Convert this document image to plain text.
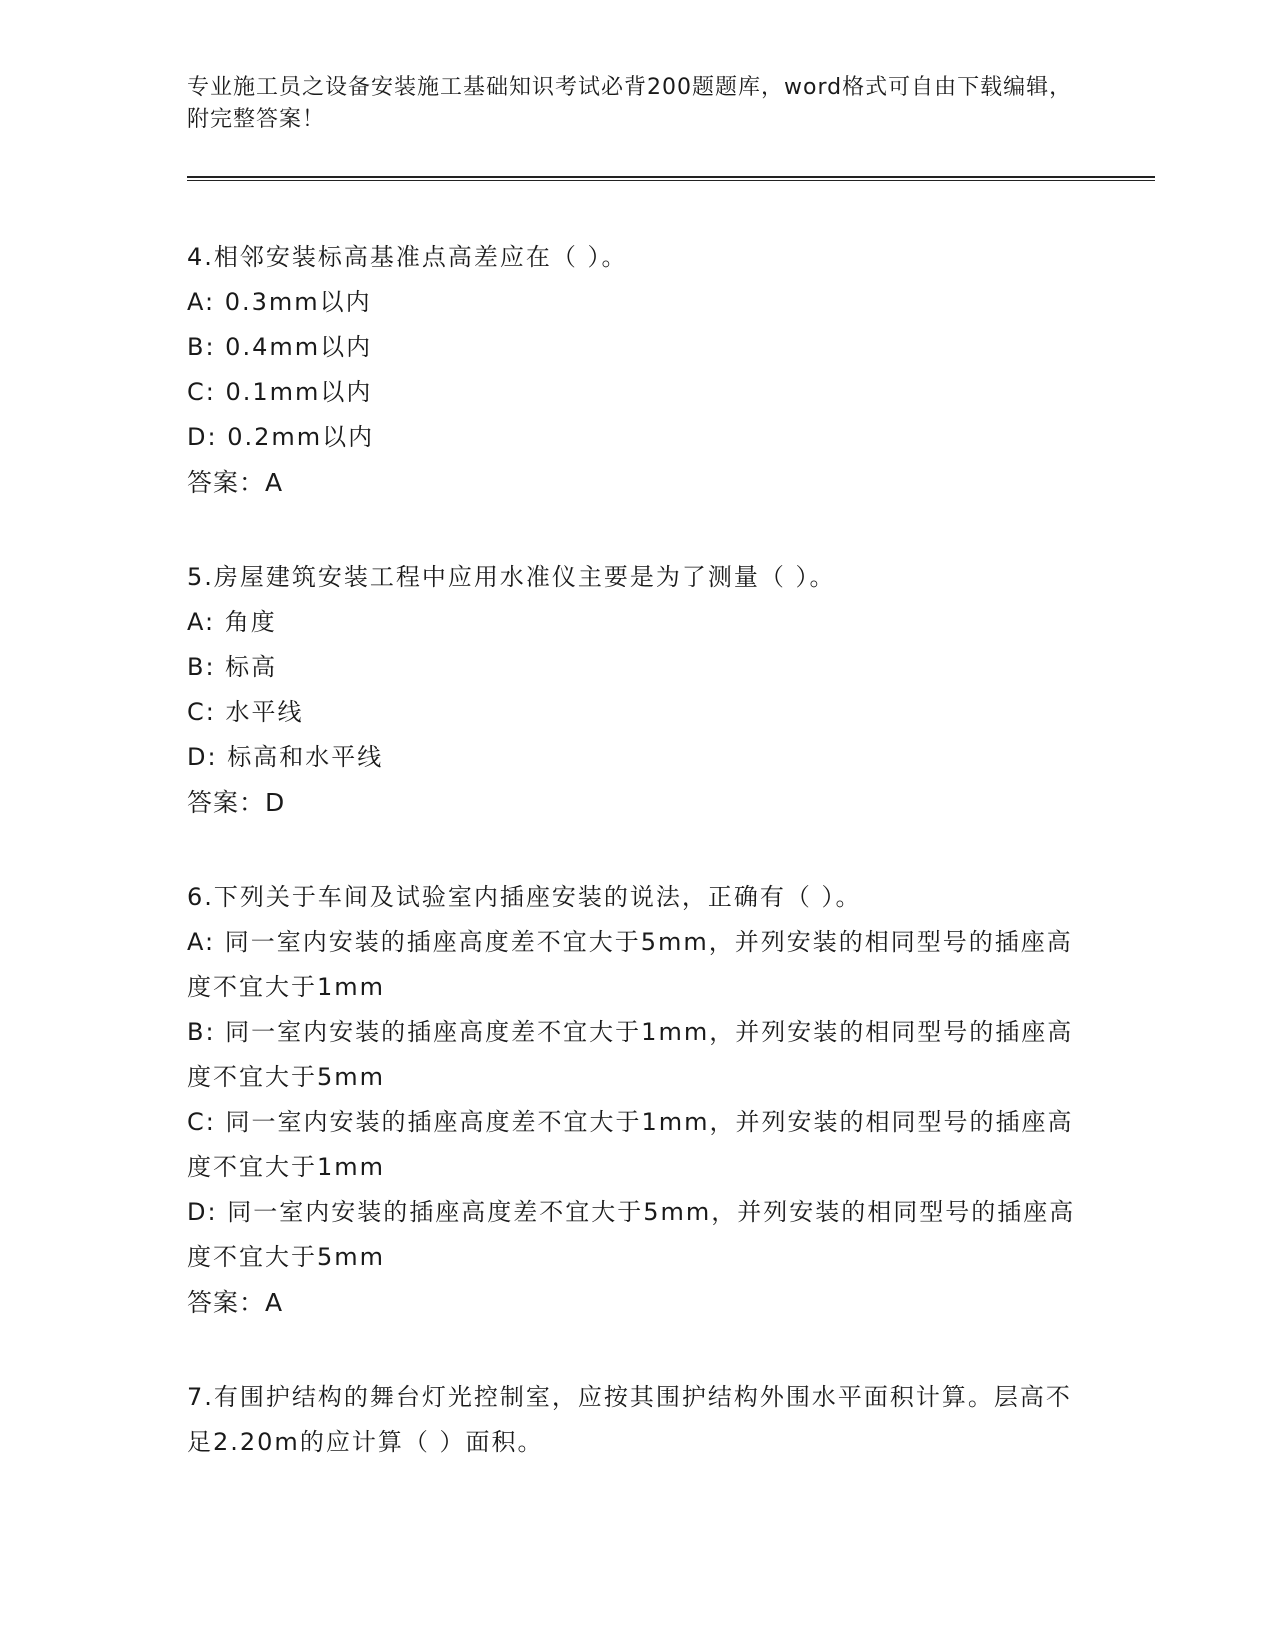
专业施工员之设备安装施工基础知识考试必背200题题库，word格式可自由下载编辑，附完整答案！
4.相邻安装标高基准点高差应在（ ）。
A: 0.3mm以内
B: 0.4mm以内
C: 0.1mm以内
D: 0.2mm以内
答案：A
5.房屋建筑安装工程中应用水准仪主要是为了测量（ ）。
A: 角度
B: 标高
C: 水平线
D: 标高和水平线
答案：D
6.下列关于车间及试验室内插座安装的说法，正确有（ ）。
A: 同一室内安装的插座高度差不宜大于5mm，并列安装的相同型号的插座高度不宜大于1mm
B: 同一室内安装的插座高度差不宜大于1mm，并列安装的相同型号的插座高度不宜大于5mm
C: 同一室内安装的插座高度差不宜大于1mm，并列安装的相同型号的插座高度不宜大于1mm
D: 同一室内安装的插座高度差不宜大于5mm，并列安装的相同型号的插座高度不宜大于5mm
答案：A
7.有围护结构的舞台灯光控制室，应按其围护结构外围水平面积计算。层高不足2.20m的应计算（ ）面积。
